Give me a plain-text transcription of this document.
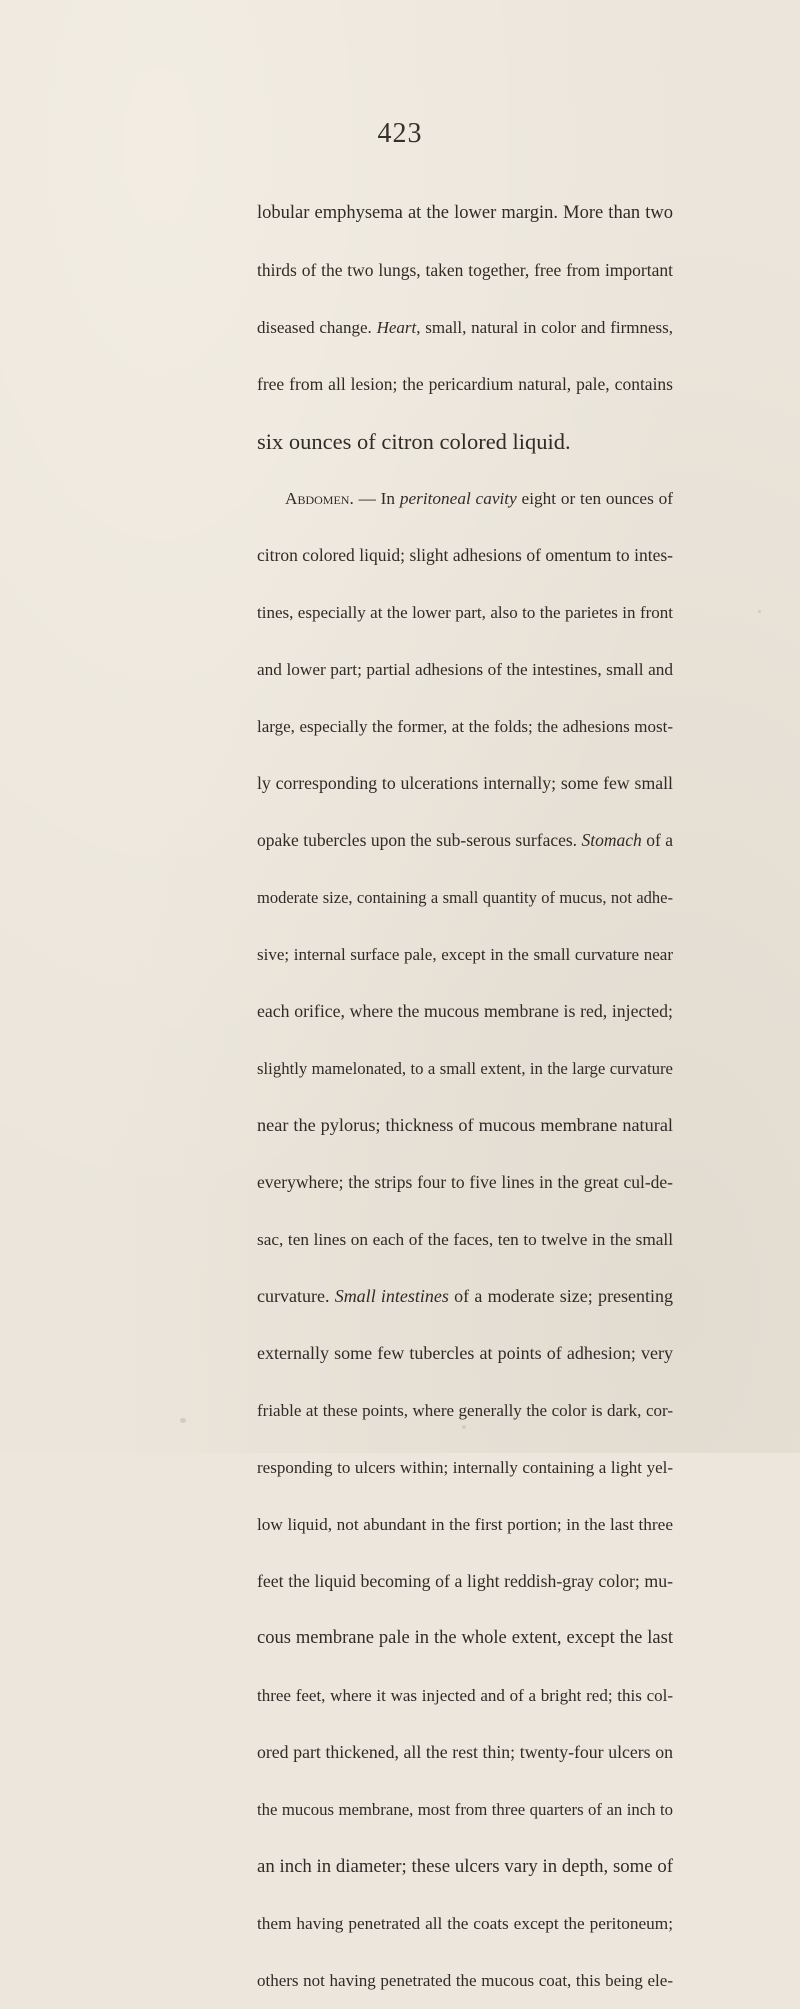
423
lobular emphysema at the lower margin. More than two
thirds of the two lungs, taken together, free from important
diseased change. Heart, small, natural in color and firmness,
free from all lesion; the pericardium natural, pale, contains
six ounces of citron colored liquid.
Abdomen. — In peritoneal cavity eight or ten ounces of
citron colored liquid; slight adhesions of omentum to intes-
tines, especially at the lower part, also to the parietes in front
and lower part; partial adhesions of the intestines, small and
large, especially the former, at the folds; the adhesions most-
ly corresponding to ulcerations internally; some few small
opake tubercles upon the sub-serous surfaces. Stomach of a
moderate size, containing a small quantity of mucus, not adhe-
sive; internal surface pale, except in the small curvature near
each orifice, where the mucous membrane is red, injected;
slightly mamelonated, to a small extent, in the large curvature
near the pylorus; thickness of mucous membrane natural
everywhere; the strips four to five lines in the great cul-de-
sac, ten lines on each of the faces, ten to twelve in the small
curvature. Small intestines of a moderate size; presenting
externally some few tubercles at points of adhesion; very
friable at these points, where generally the color is dark, cor-
responding to ulcers within; internally containing a light yel-
low liquid, not abundant in the first portion; in the last three
feet the liquid becoming of a light reddish-gray color; mu-
cous membrane pale in the whole extent, except the last
three feet, where it was injected and of a bright red; this col-
ored part thickened, all the rest thin; twenty-four ulcers on
the mucous membrane, most from three quarters of an inch to
an inch in diameter; these ulcers vary in depth, some of
them having penetrated all the coats except the peritoneum;
others not having penetrated the mucous coat, this being ele-
